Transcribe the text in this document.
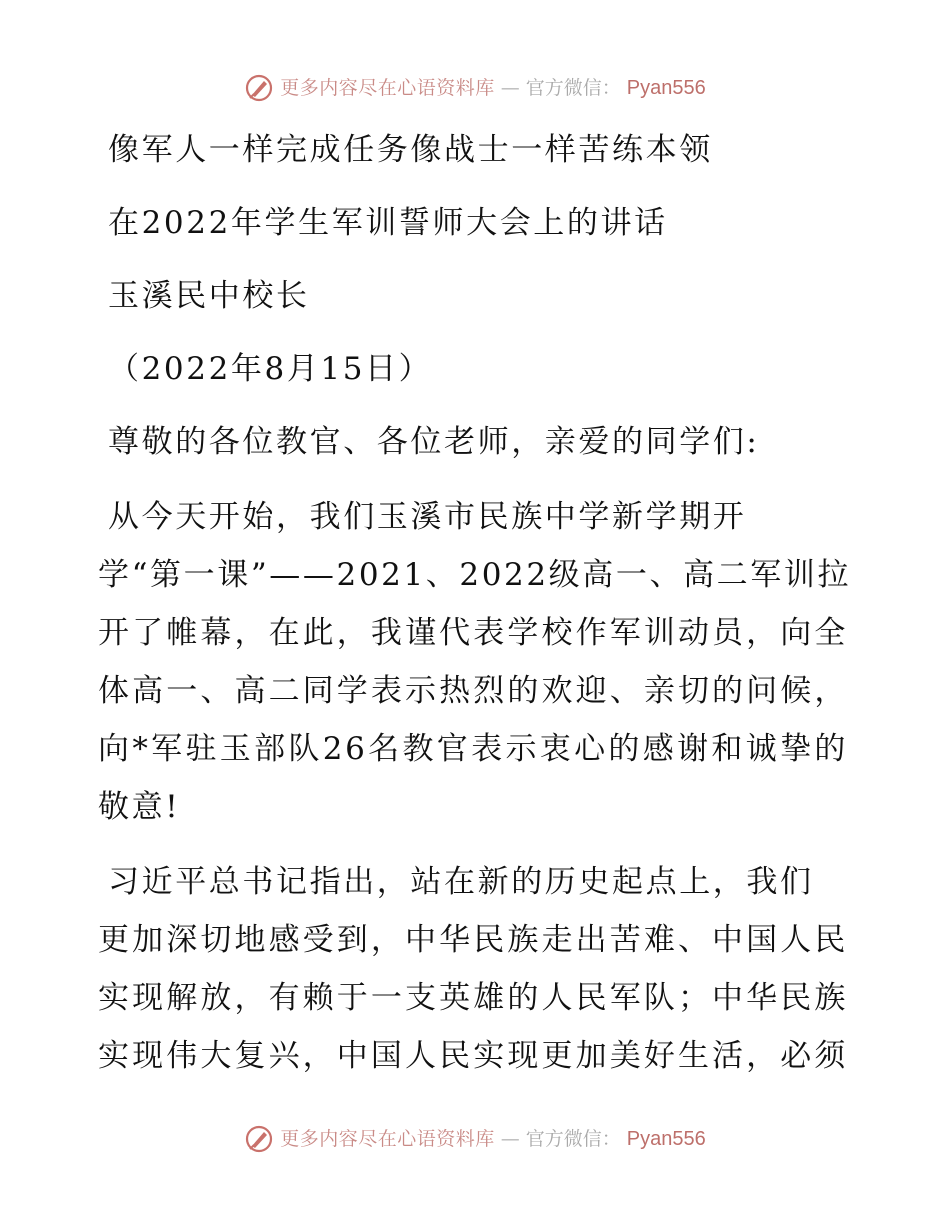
更多内容尽在心语资料库 — 官方微信： Pyan556
像军人一样完成任务像战士一样苦练本领
在2022年学生军训誓师大会上的讲话
玉溪民中校长
（2022年8月15日）
尊敬的各位教官、各位老师，亲爱的同学们:
从今天开始，我们玉溪市民族中学新学期开
学“第一课”——2021、2022级高一、高二军训拉
开了帷幕，在此，我谨代表学校作军训动员，向全
体高一、高二同学表示热烈的欢迎、亲切的问候，
向*军驻玉部队26名教官表示衷心的感谢和诚挚的
敬意!
习近平总书记指出，站在新的历史起点上，我们
更加深切地感受到，中华民族走出苦难、中国人民
实现解放，有赖于一支英雄的人民军队；中华民族
实现伟大复兴，中国人民实现更加美好生活，必须
更多内容尽在心语资料库 — 官方微信： Pyan556
